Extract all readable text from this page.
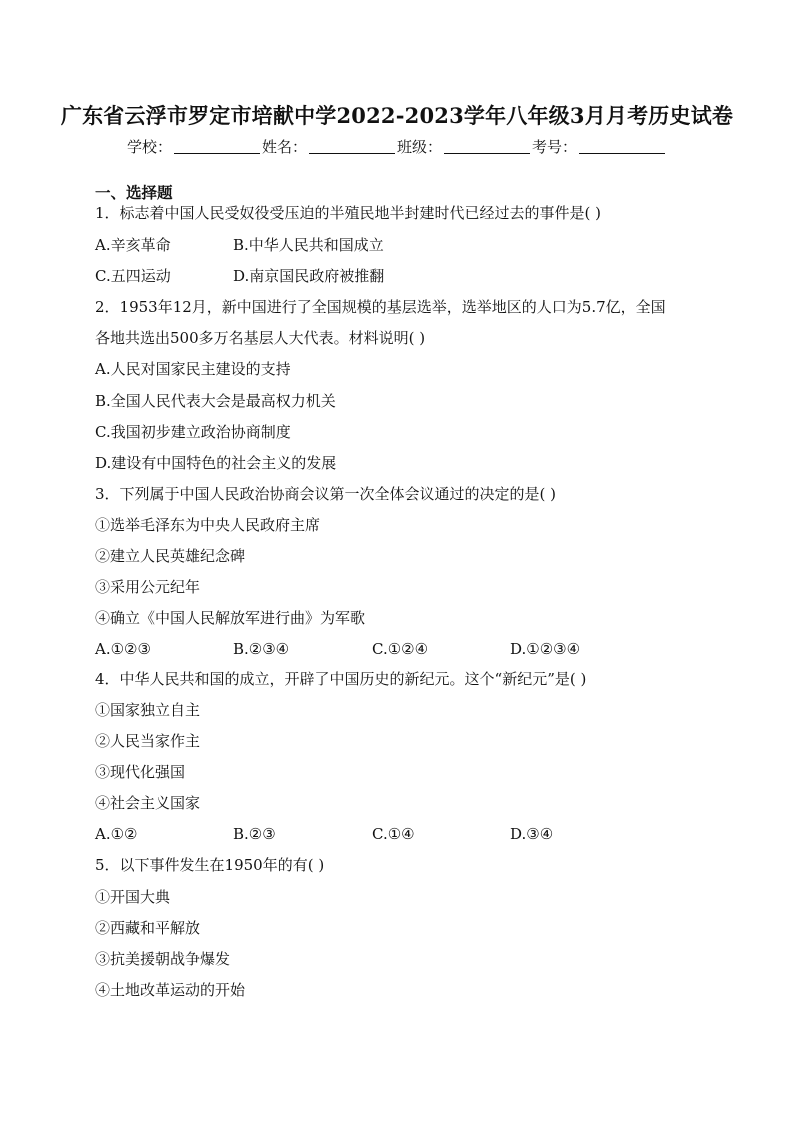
广东省云浮市罗定市培献中学2022-2023学年八年级3月月考历史试卷
学校：	姓名：	班级：	考号：
一、选择题
1．标志着中国人民受奴役受压迫的半殖民地半封建时代已经过去的事件是( )
A.辛亥革命	B.中华人民共和国成立
C.五四运动	D.南京国民政府被推翻
2．1953年12月，新中国进行了全国规模的基层选举，选举地区的人口为5.7亿，全国
各地共选出500多万名基层人大代表。材料说明( )
A.人民对国家民主建设的支持
B.全国人民代表大会是最高权力机关
C.我国初步建立政治协商制度
D.建设有中国特色的社会主义的发展
3．下列属于中国人民政治协商会议第一次全体会议通过的决定的是( )
①选举毛泽东为中央人民政府主席
②建立人民英雄纪念碑
③采用公元纪年
④确立《中国人民解放军进行曲》为军歌
A.①②③	B.②③④	C.①②④	D.①②③④
4．中华人民共和国的成立，开辟了中国历史的新纪元。这个“新纪元”是( )
①国家独立自主
②人民当家作主
③现代化强国
④社会主义国家
A.①②	B.②③	C.①④	D.③④
5．以下事件发生在1950年的有( )
①开国大典
②西藏和平解放
③抗美援朝战争爆发
④土地改革运动的开始
